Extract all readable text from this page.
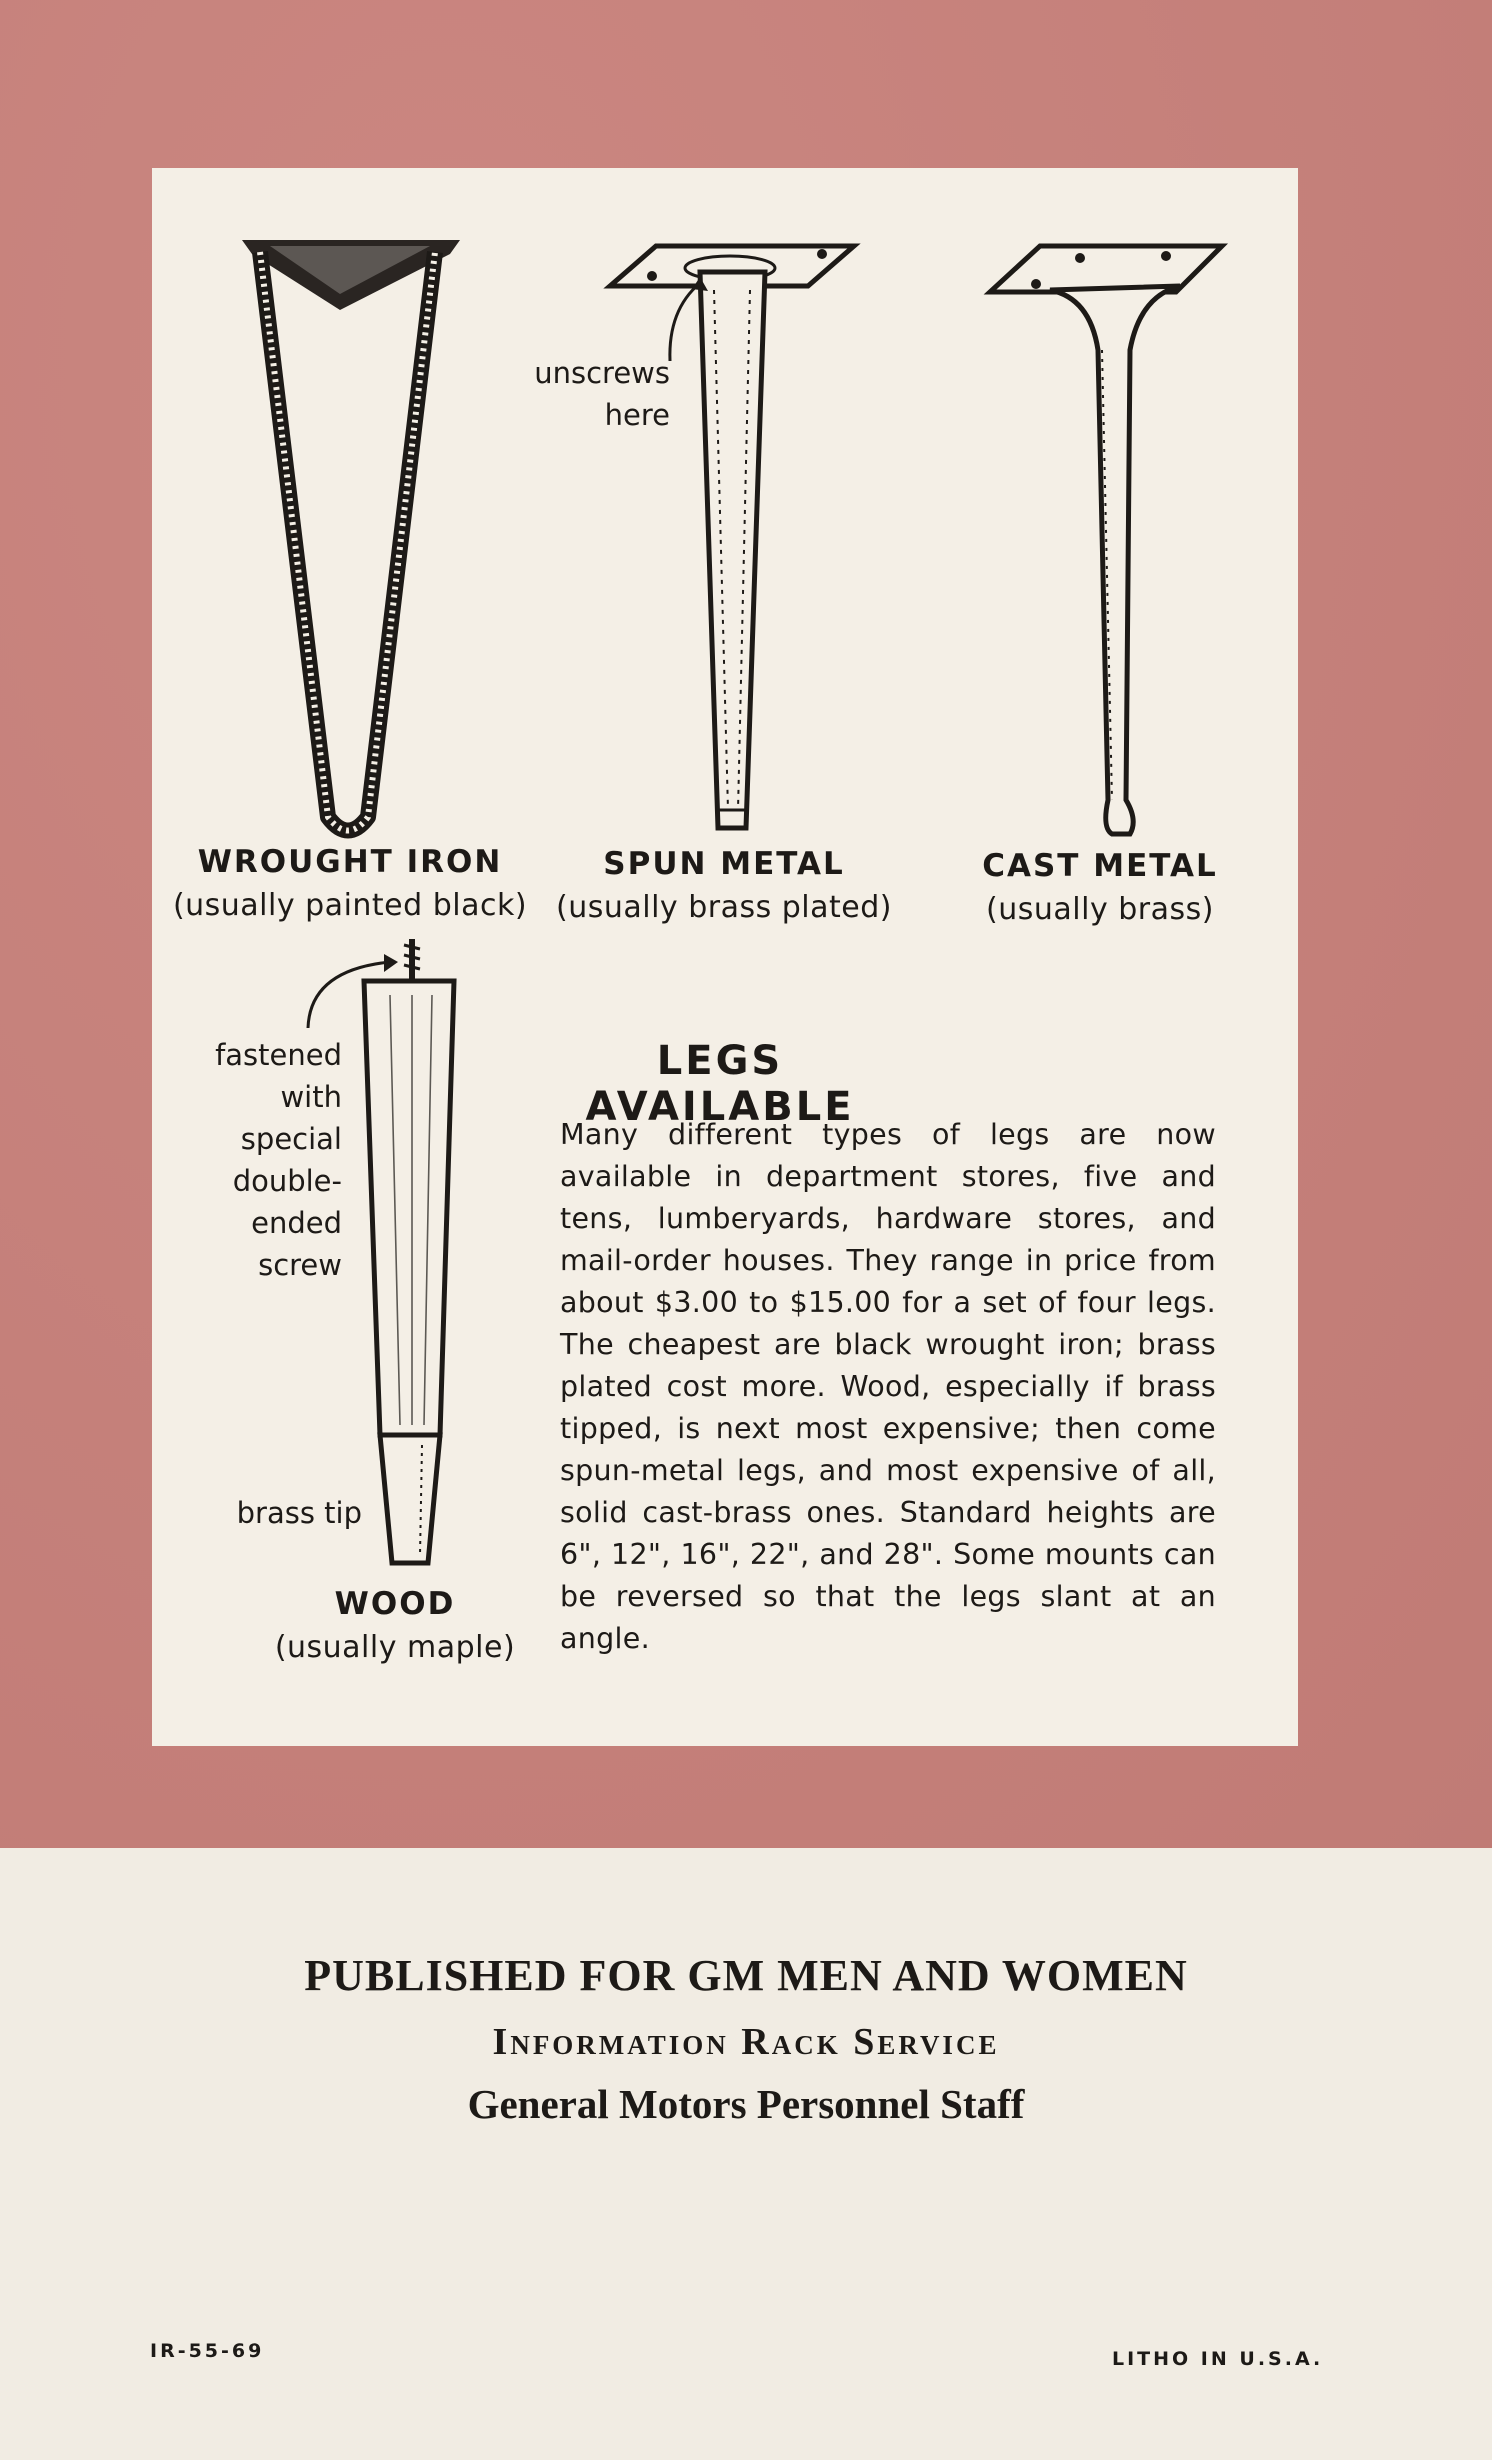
WROUGHT IRON
(usually painted black)
SPUN METAL
(usually brass plated)
CAST METAL
(usually brass)
WOOD
(usually maple)
unscrews
here
fastened
with
special
double-
ended
screw
brass tip
LEGS AVAILABLE
Many different types of legs are now available in department stores, five and tens, lumberyards, hardware stores, and mail-order houses. They range in price from about $3.00 to $15.00 for a set of four legs. The cheapest are black wrought iron; brass plated cost more. Wood, especially if brass tipped, is next most expensive; then come spun-metal legs, and most expensive of all, solid cast-brass ones. Standard heights are 6", 12", 16", 22", and 28". Some mounts can be reversed so that the legs slant at an angle.
PUBLISHED FOR GM MEN AND WOMEN
Information Rack Service
General Motors Personnel Staff
IR-55-69	LITHO IN U.S.A.
